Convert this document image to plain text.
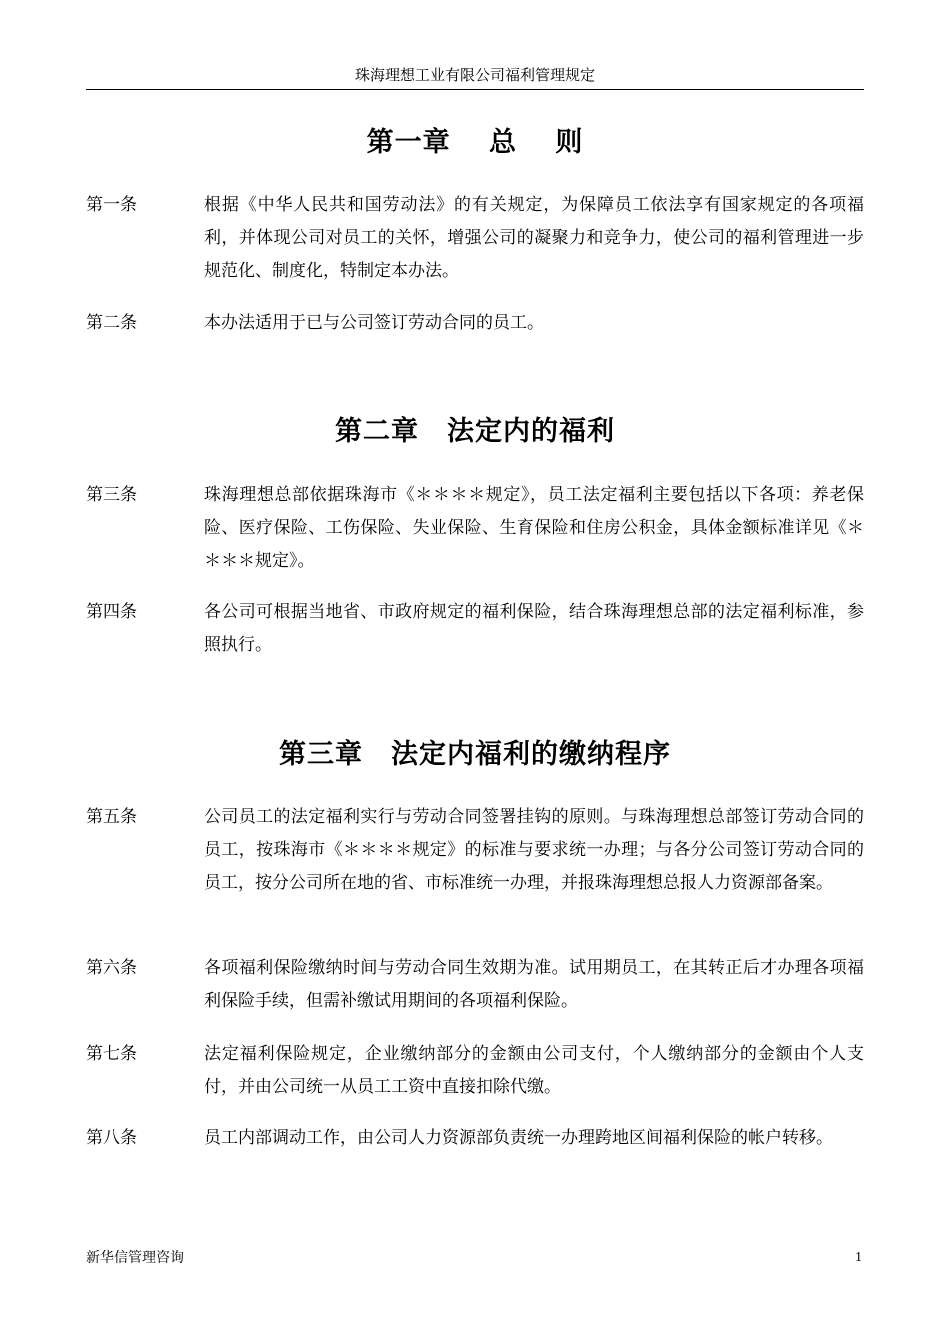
珠海理想工业有限公司福利管理规定
第一章　 总　 则
第一条	根据《中华人民共和国劳动法》的有关规定，为保障员工依法享有国家规定的各项福利，并体现公司对员工的关怀，增强公司的凝聚力和竞争力，使公司的福利管理进一步规范化、制度化，特制定本办法。
第二条	本办法适用于已与公司签订劳动合同的员工。
第二章　法定内的福利
第三条	珠海理想总部依据珠海市《＊＊＊＊规定》，员工法定福利主要包括以下各项：养老保险、医疗保险、工伤保险、失业保险、生育保险和住房公积金，具体金额标准详见《＊＊＊＊规定》。
第四条	各公司可根据当地省、市政府规定的福利保险，结合珠海理想总部的法定福利标准，参照执行。
第三章　法定内福利的缴纳程序
第五条	公司员工的法定福利实行与劳动合同签署挂钩的原则。与珠海理想总部签订劳动合同的员工，按珠海市《＊＊＊＊规定》的标准与要求统一办理；与各分公司签订劳动合同的员工，按分公司所在地的省、市标准统一办理，并报珠海理想总报人力资源部备案。
第六条	各项福利保险缴纳时间与劳动合同生效期为准。试用期员工，在其转正后才办理各项福利保险手续，但需补缴试用期间的各项福利保险。
第七条	法定福利保险规定，企业缴纳部分的金额由公司支付，个人缴纳部分的金额由个人支付，并由公司统一从员工工资中直接扣除代缴。
第八条	员工内部调动工作，由公司人力资源部负责统一办理跨地区间福利保险的帐户转移。
新华信管理咨询	1
